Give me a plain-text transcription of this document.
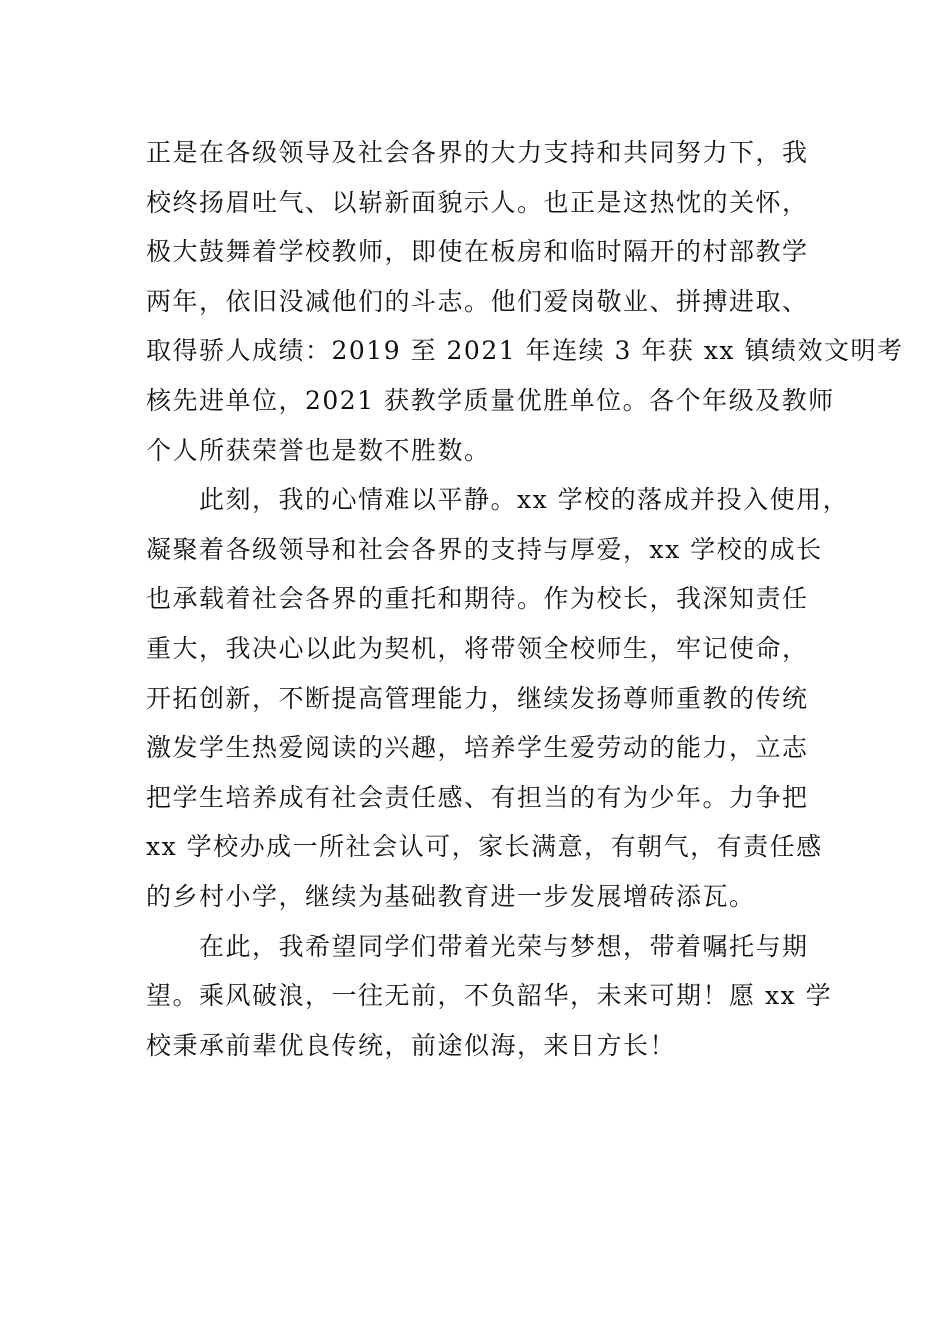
正是在各级领导及社会各界的大力支持和共同努力下，我
校终扬眉吐气、以崭新面貌示人。也正是这热忱的关怀，
极大鼓舞着学校教师，即使在板房和临时隔开的村部教学
两年，依旧没减他们的斗志。他们爱岗敬业、拼搏进取、
取得骄人成绩：2019 至 2021 年连续 3 年获 xx 镇绩效文明考
核先进单位，2021 获教学质量优胜单位。各个年级及教师
个人所获荣誉也是数不胜数。
　　此刻，我的心情难以平静。xx 学校的落成并投入使用，
凝聚着各级领导和社会各界的支持与厚爱，xx 学校的成长
也承载着社会各界的重托和期待。作为校长，我深知责任
重大，我决心以此为契机，将带领全校师生，牢记使命，
开拓创新，不断提高管理能力，继续发扬尊师重教的传统
激发学生热爱阅读的兴趣，培养学生爱劳动的能力，立志
把学生培养成有社会责任感、有担当的有为少年。力争把
xx 学校办成一所社会认可，家长满意，有朝气，有责任感
的乡村小学，继续为基础教育进一步发展增砖添瓦。
　　在此，我希望同学们带着光荣与梦想，带着嘱托与期
望。乘风破浪，一往无前，不负韶华，未来可期！愿 xx 学
校秉承前辈优良传统，前途似海，来日方长！
